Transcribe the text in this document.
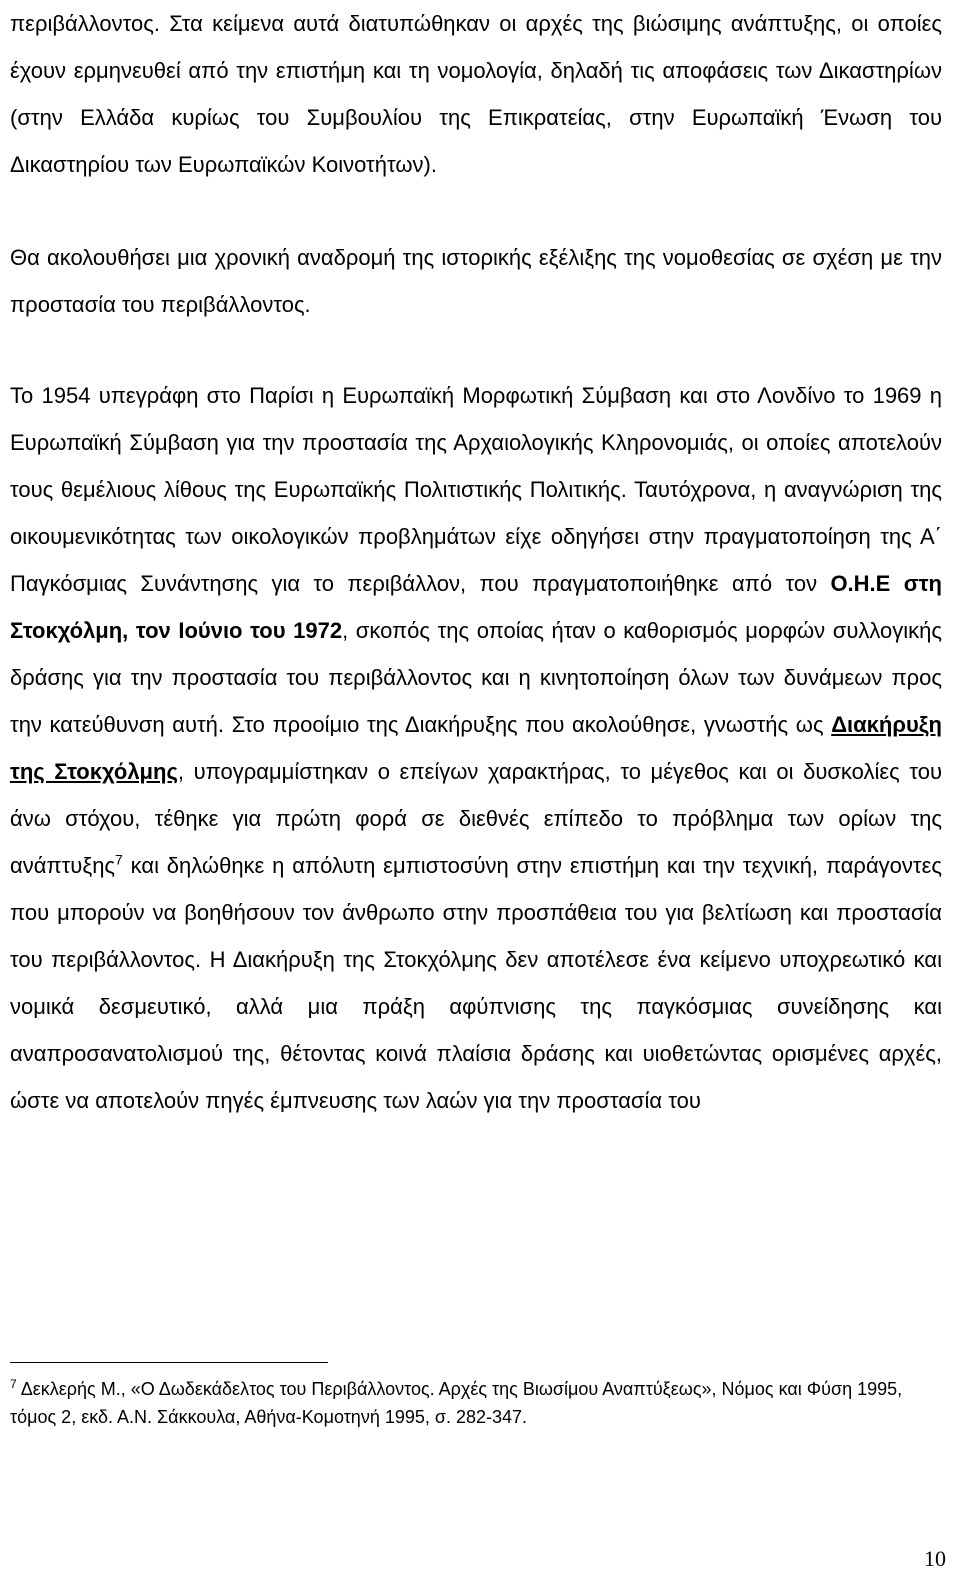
περιβάλλοντος. Στα κείμενα αυτά διατυπώθηκαν οι αρχές της βιώσιμης ανάπτυξης, οι οποίες έχουν ερμηνευθεί από την επιστήμη και τη νομολογία, δηλαδή τις αποφάσεις των Δικαστηρίων (στην Ελλάδα κυρίως του Συμβουλίου της Επικρατείας, στην Ευρωπαϊκή Ένωση του Δικαστηρίου των Ευρωπαϊκών Κοινοτήτων).

Θα ακολουθήσει μια χρονική αναδρομή της ιστορικής εξέλιξης της νομοθεσίας σε σχέση με την προστασία του περιβάλλοντος.

Το 1954 υπεγράφη στο Παρίσι η Ευρωπαϊκή Μορφωτική Σύμβαση και στο Λονδίνο το 1969 η Ευρωπαϊκή Σύμβαση για την προστασία της Αρχαιολογικής Κληρονομιάς, οι οποίες αποτελούν τους θεμέλιους λίθους της Ευρωπαϊκής Πολιτιστικής Πολιτικής. Ταυτόχρονα, η αναγνώριση της οικουμενικότητας των οικολογικών προβλημάτων είχε οδηγήσει στην πραγματοποίηση της Α΄ Παγκόσμιας Συνάντησης για το περιβάλλον, που πραγματοποιήθηκε από τον Ο.Η.Ε στη Στοκχόλμη, τον Ιούνιο του 1972, σκοπός της οποίας ήταν ο καθορισμός μορφών συλλογικής δράσης για την προστασία του περιβάλλοντος και η κινητοποίηση όλων των δυνάμεων προς την κατεύθυνση αυτή. Στο προοίμιο της Διακήρυξης που ακολούθησε, γνωστής ως Διακήρυξη της Στοκχόλμης, υπογραμμίστηκαν ο επείγων χαρακτήρας, το μέγεθος και οι δυσκολίες του άνω στόχου, τέθηκε για πρώτη φορά σε διεθνές επίπεδο το πρόβλημα των ορίων της ανάπτυξης$^7$ και δηλώθηκε η απόλυτη εμπιστοσύνη στην επιστήμη και την τεχνική, παράγοντες που μπορούν να βοηθήσουν τον άνθρωπο στην προσπάθεια του για βελτίωση και προστασία του περιβάλλοντος. Η Διακήρυξη της Στοκχόλμης δεν αποτέλεσε ένα κείμενο υποχρεωτικό και νομικά δεσμευτικό, αλλά μια πράξη αφύπνισης της παγκόσμιας συνείδησης και αναπροσανατολισμού της, θέτοντας κοινά πλαίσια δράσης και υιοθετώντας ορισμένες αρχές, ώστε να αποτελούν πηγές έμπνευσης των λαών για την προστασία του

$^7$ Δεκλερής Μ., «Ο Δωδεκάδελτος του Περιβάλλοντος. Αρχές της Βιωσίμου Αναπτύξεως», Νόμος και Φύση 1995, τόμος 2, εκδ. Α.Ν. Σάκκουλα, Αθήνα-Κομοτηνή 1995, σ. 282-347.
10
